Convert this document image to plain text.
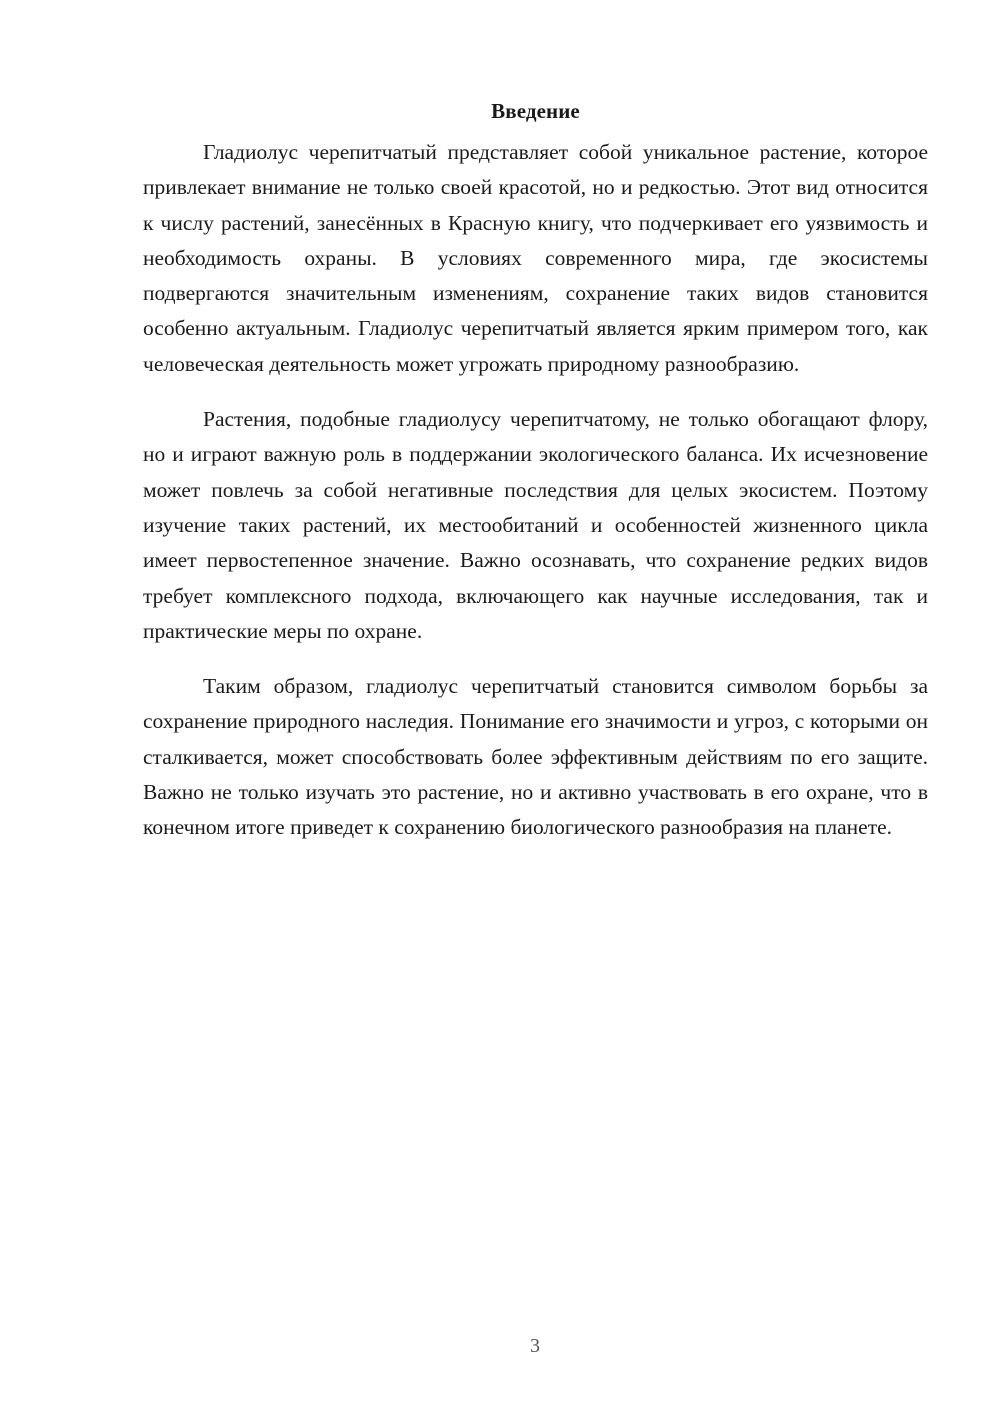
Введение

Гладиолус черепитчатый представляет собой уникальное растение, которое привлекает внимание не только своей красотой, но и редкостью. Этот вид относится к числу растений, занесённых в Красную книгу, что подчеркивает его уязвимость и необходимость охраны. В условиях современного мира, где экосистемы подвергаются значительным изменениям, сохранение таких видов становится особенно актуальным. Гладиолус черепитчатый является ярким примером того, как человеческая деятельность может угрожать природному разнообразию.

Растения, подобные гладиолусу черепитчатому, не только обогащают флору, но и играют важную роль в поддержании экологического баланса. Их исчезновение может повлечь за собой негативные последствия для целых экосистем. Поэтому изучение таких растений, их местообитаний и особенностей жизненного цикла имеет первостепенное значение. Важно осознавать, что сохранение редких видов требует комплексного подхода, включающего как научные исследования, так и практические меры по охране.

Таким образом, гладиолус черепитчатый становится символом борьбы за сохранение природного наследия. Понимание его значимости и угроз, с которыми он сталкивается, может способствовать более эффективным действиям по его защите. Важно не только изучать это растение, но и активно участвовать в его охране, что в конечном итоге приведет к сохранению биологического разнообразия на планете.

3
